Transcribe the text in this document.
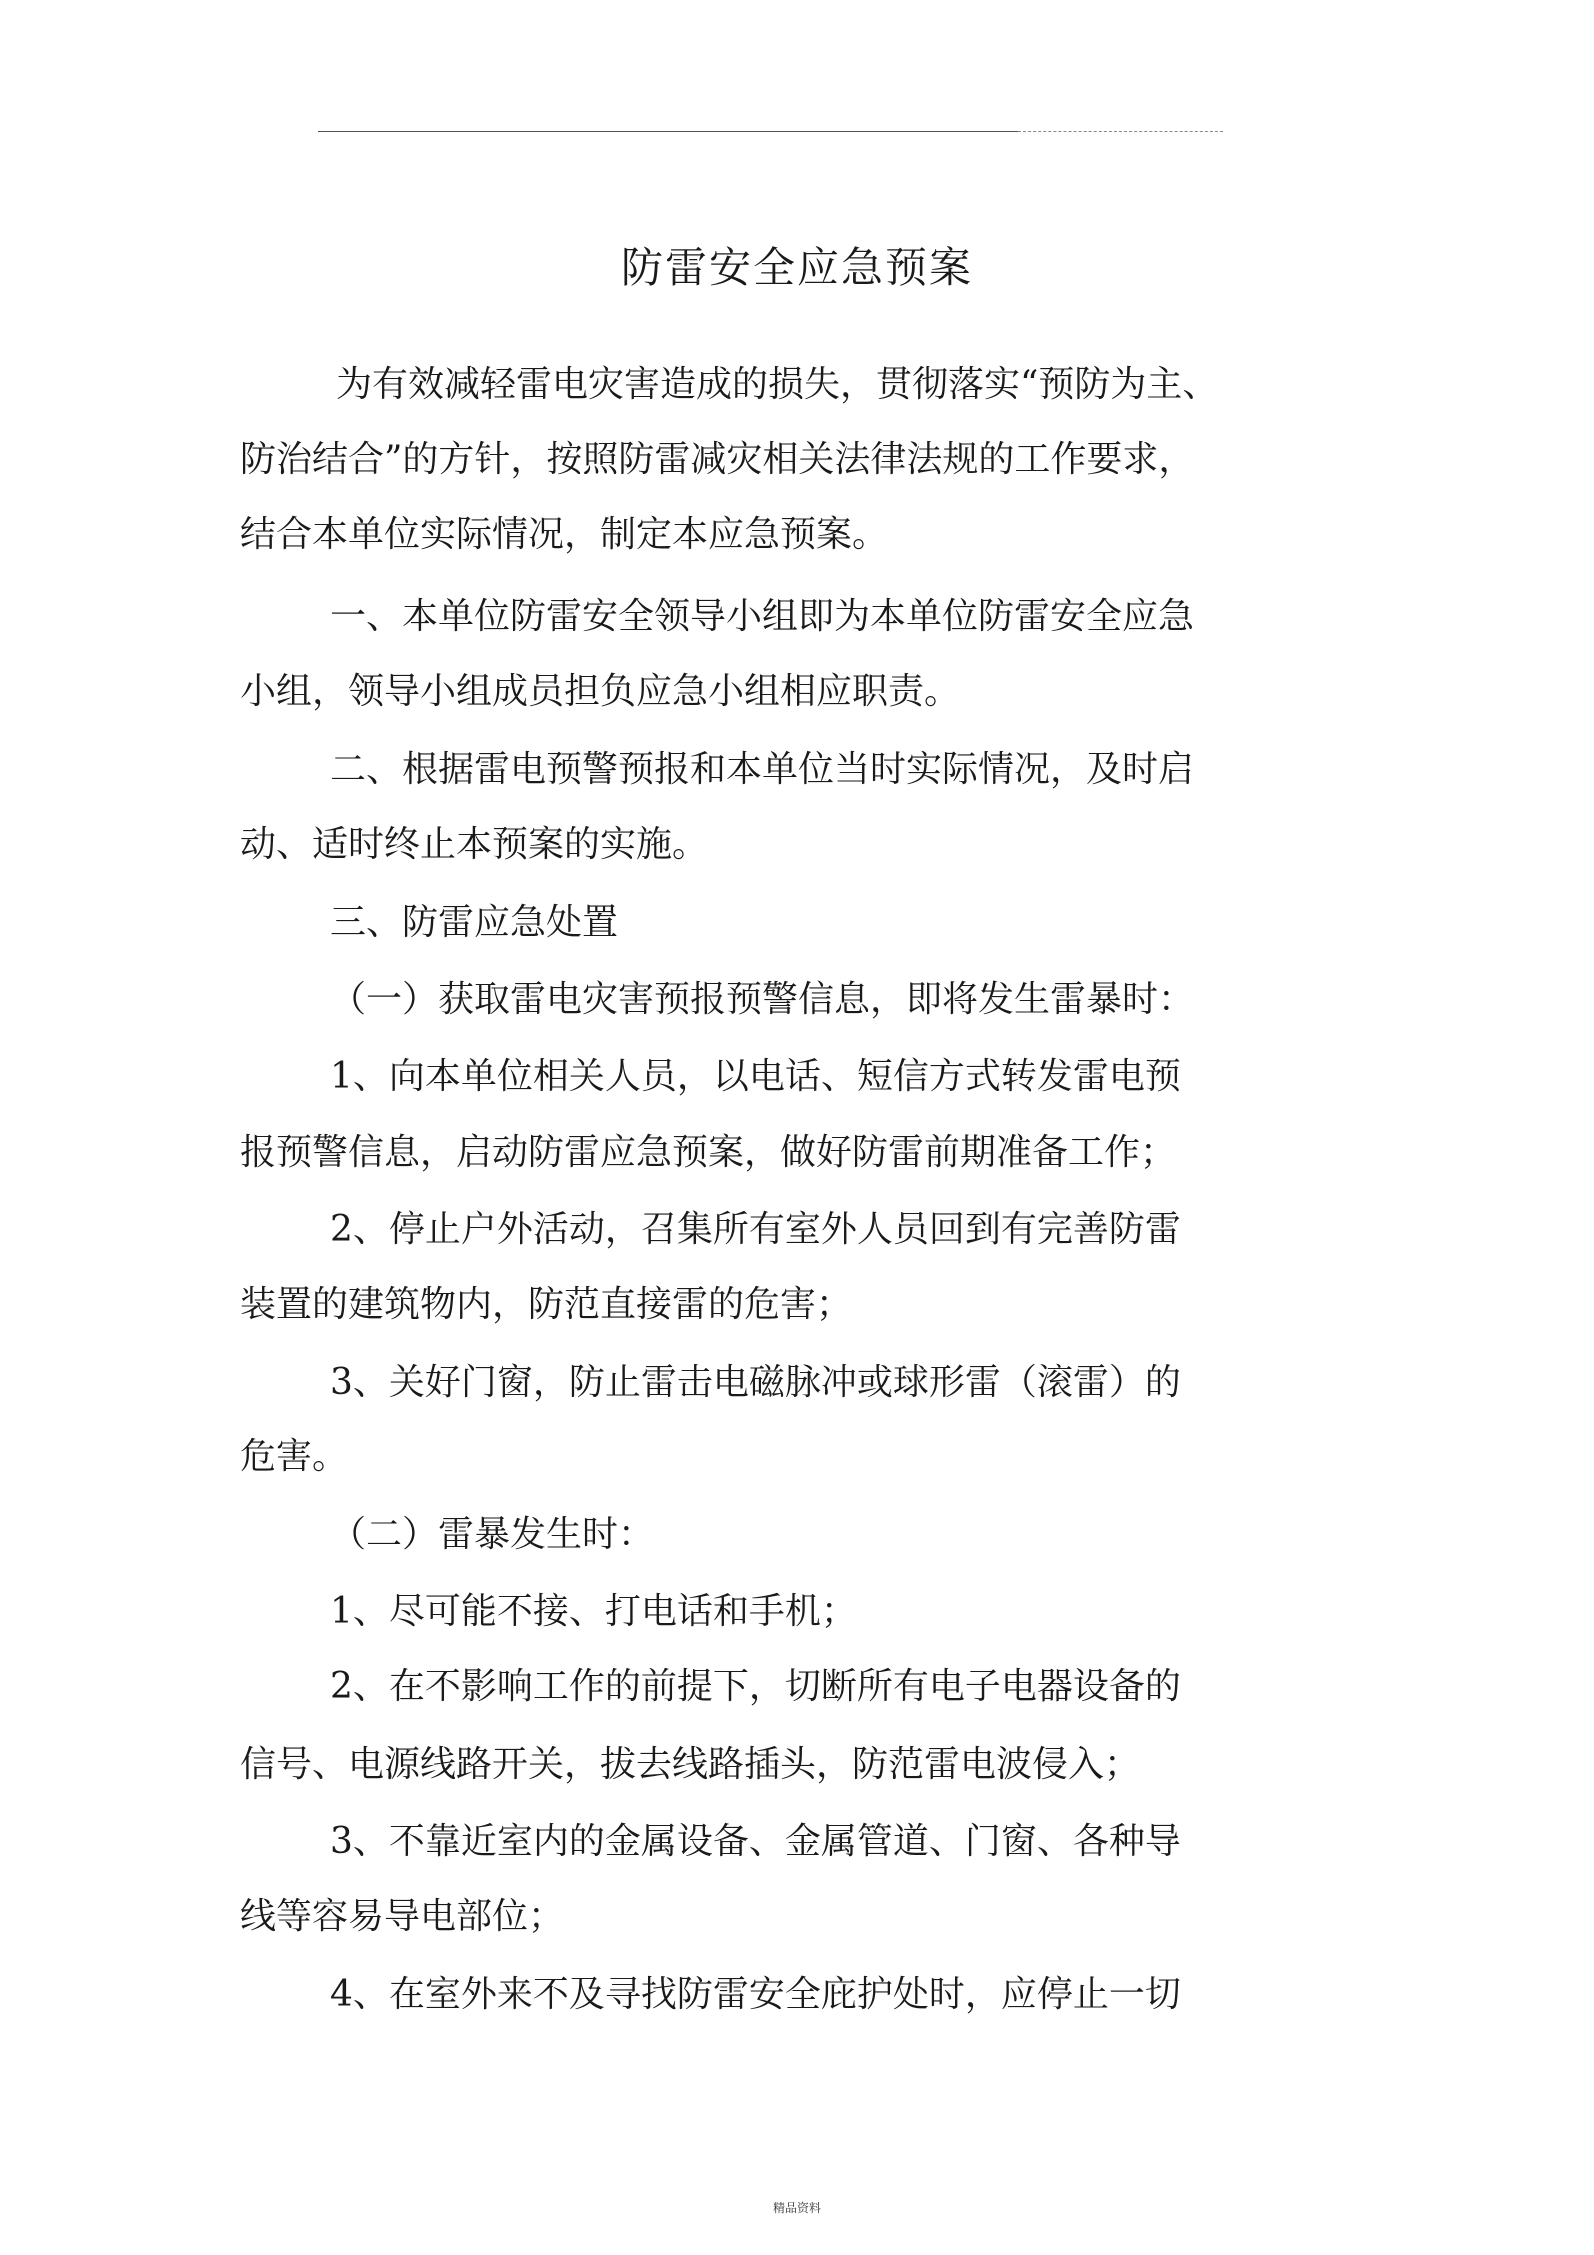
防雷安全应急预案
为有效减轻雷电灾害造成的损失，贯彻落实“预防为主、
防治结合”的方针，按照防雷减灾相关法律法规的工作要求，
结合本单位实际情况，制定本应急预案。
一、本单位防雷安全领导小组即为本单位防雷安全应急
小组，领导小组成员担负应急小组相应职责。
二、根据雷电预警预报和本单位当时实际情况，及时启
动、适时终止本预案的实施。
三、防雷应急处置
（一）获取雷电灾害预报预警信息，即将发生雷暴时：
1、向本单位相关人员，以电话、短信方式转发雷电预
报预警信息，启动防雷应急预案，做好防雷前期准备工作；
2、停止户外活动，召集所有室外人员回到有完善防雷
装置的建筑物内，防范直接雷的危害；
3、关好门窗，防止雷击电磁脉冲或球形雷（滚雷）的
危害。
（二）雷暴发生时：
1、尽可能不接、打电话和手机；
2、在不影响工作的前提下，切断所有电子电器设备的
信号、电源线路开关，拔去线路插头，防范雷电波侵入；
3、不靠近室内的金属设备、金属管道、门窗、各种导
线等容易导电部位；
4、在室外来不及寻找防雷安全庇护处时，应停止一切
精品资料
